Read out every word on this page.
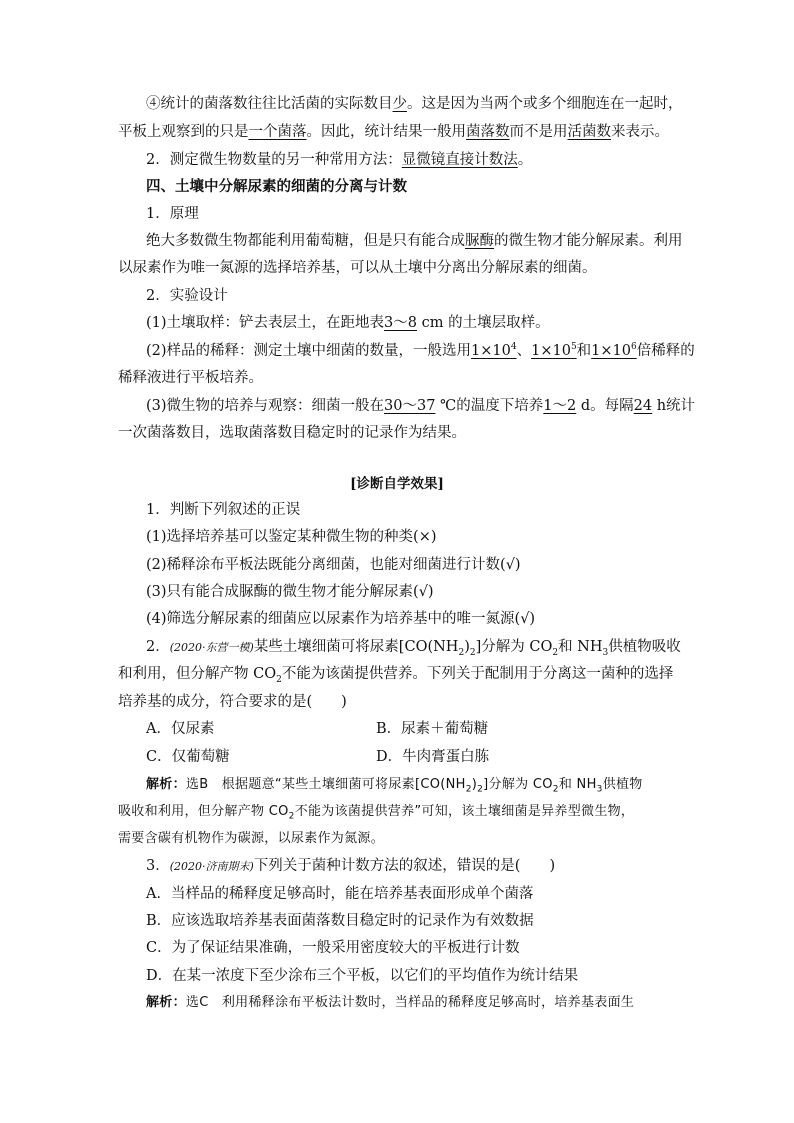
④统计的菌落数往往比活菌的实际数目少。这是因为当两个或多个细胞连在一起时，
平板上观察到的只是一个菌落。因此，统计结果一般用菌落数而不是用活菌数来表示。
2．测定微生物数量的另一种常用方法：显微镜直接计数法。
四、土壤中分解尿素的细菌的分离与计数
1．原理
绝大多数微生物都能利用葡萄糖，但是只有能合成脲酶的微生物才能分解尿素。利用
以尿素作为唯一氮源的选择培养基，可以从土壤中分离出分解尿素的细菌。
2．实验设计
(1)土壤取样：铲去表层土，在距地表3～8 cm 的土壤层取样。
(2)样品的稀释：测定土壤中细菌的数量，一般选用$1\times 10^4$、$1\times 10^5$和$1\times 10^6$倍稀释的
稀释液进行平板培养。
(3)微生物的培养与观察：细菌一般在30～37 ℃的温度下培养1～2 d。每隔24 h统计
一次菌落数目，选取菌落数目稳定时的记录作为结果。
[诊断自学效果]
1．判断下列叙述的正误
(1)选择培养基可以鉴定某种微生物的种类(×)
(2)稀释涂布平板法既能分离细菌，也能对细菌进行计数(√)
(3)只有能合成脲酶的微生物才能分解尿素(√)
(4)筛选分解尿素的细菌应以尿素作为培养基中的唯一氮源(√)
2．(2020·东营一模)某些土壤细菌可将尿素$[CO(NH_2)_2]$分解为 $CO_2$和 $NH_3$供植物吸收
和利用，但分解产物 $CO_2$不能为该菌提供营养。下列关于配制用于分离这一菌种的选择
培养基的成分，符合要求的是(　　)
A．仅尿素	B．尿素＋葡萄糖
C．仅葡萄糖	D．牛肉膏蛋白胨
解析：选B　根据题意“某些土壤细菌可将尿素$[CO(NH_2)_2]$分解为 $CO_2$和 $NH_3$供植物
吸收和利用，但分解产物 $CO_2$不能为该菌提供营养”可知，该土壤细菌是异养型微生物，
需要含碳有机物作为碳源，以尿素作为氮源。
3．(2020·济南期末)下列关于菌种计数方法的叙述，错误的是(　　)
A．当样品的稀释度足够高时，能在培养基表面形成单个菌落
B．应该选取培养基表面菌落数目稳定时的记录作为有效数据
C．为了保证结果准确，一般采用密度较大的平板进行计数
D．在某一浓度下至少涂布三个平板，以它们的平均值作为统计结果
解析：选C　利用稀释涂布平板法计数时，当样品的稀释度足够高时，培养基表面生
